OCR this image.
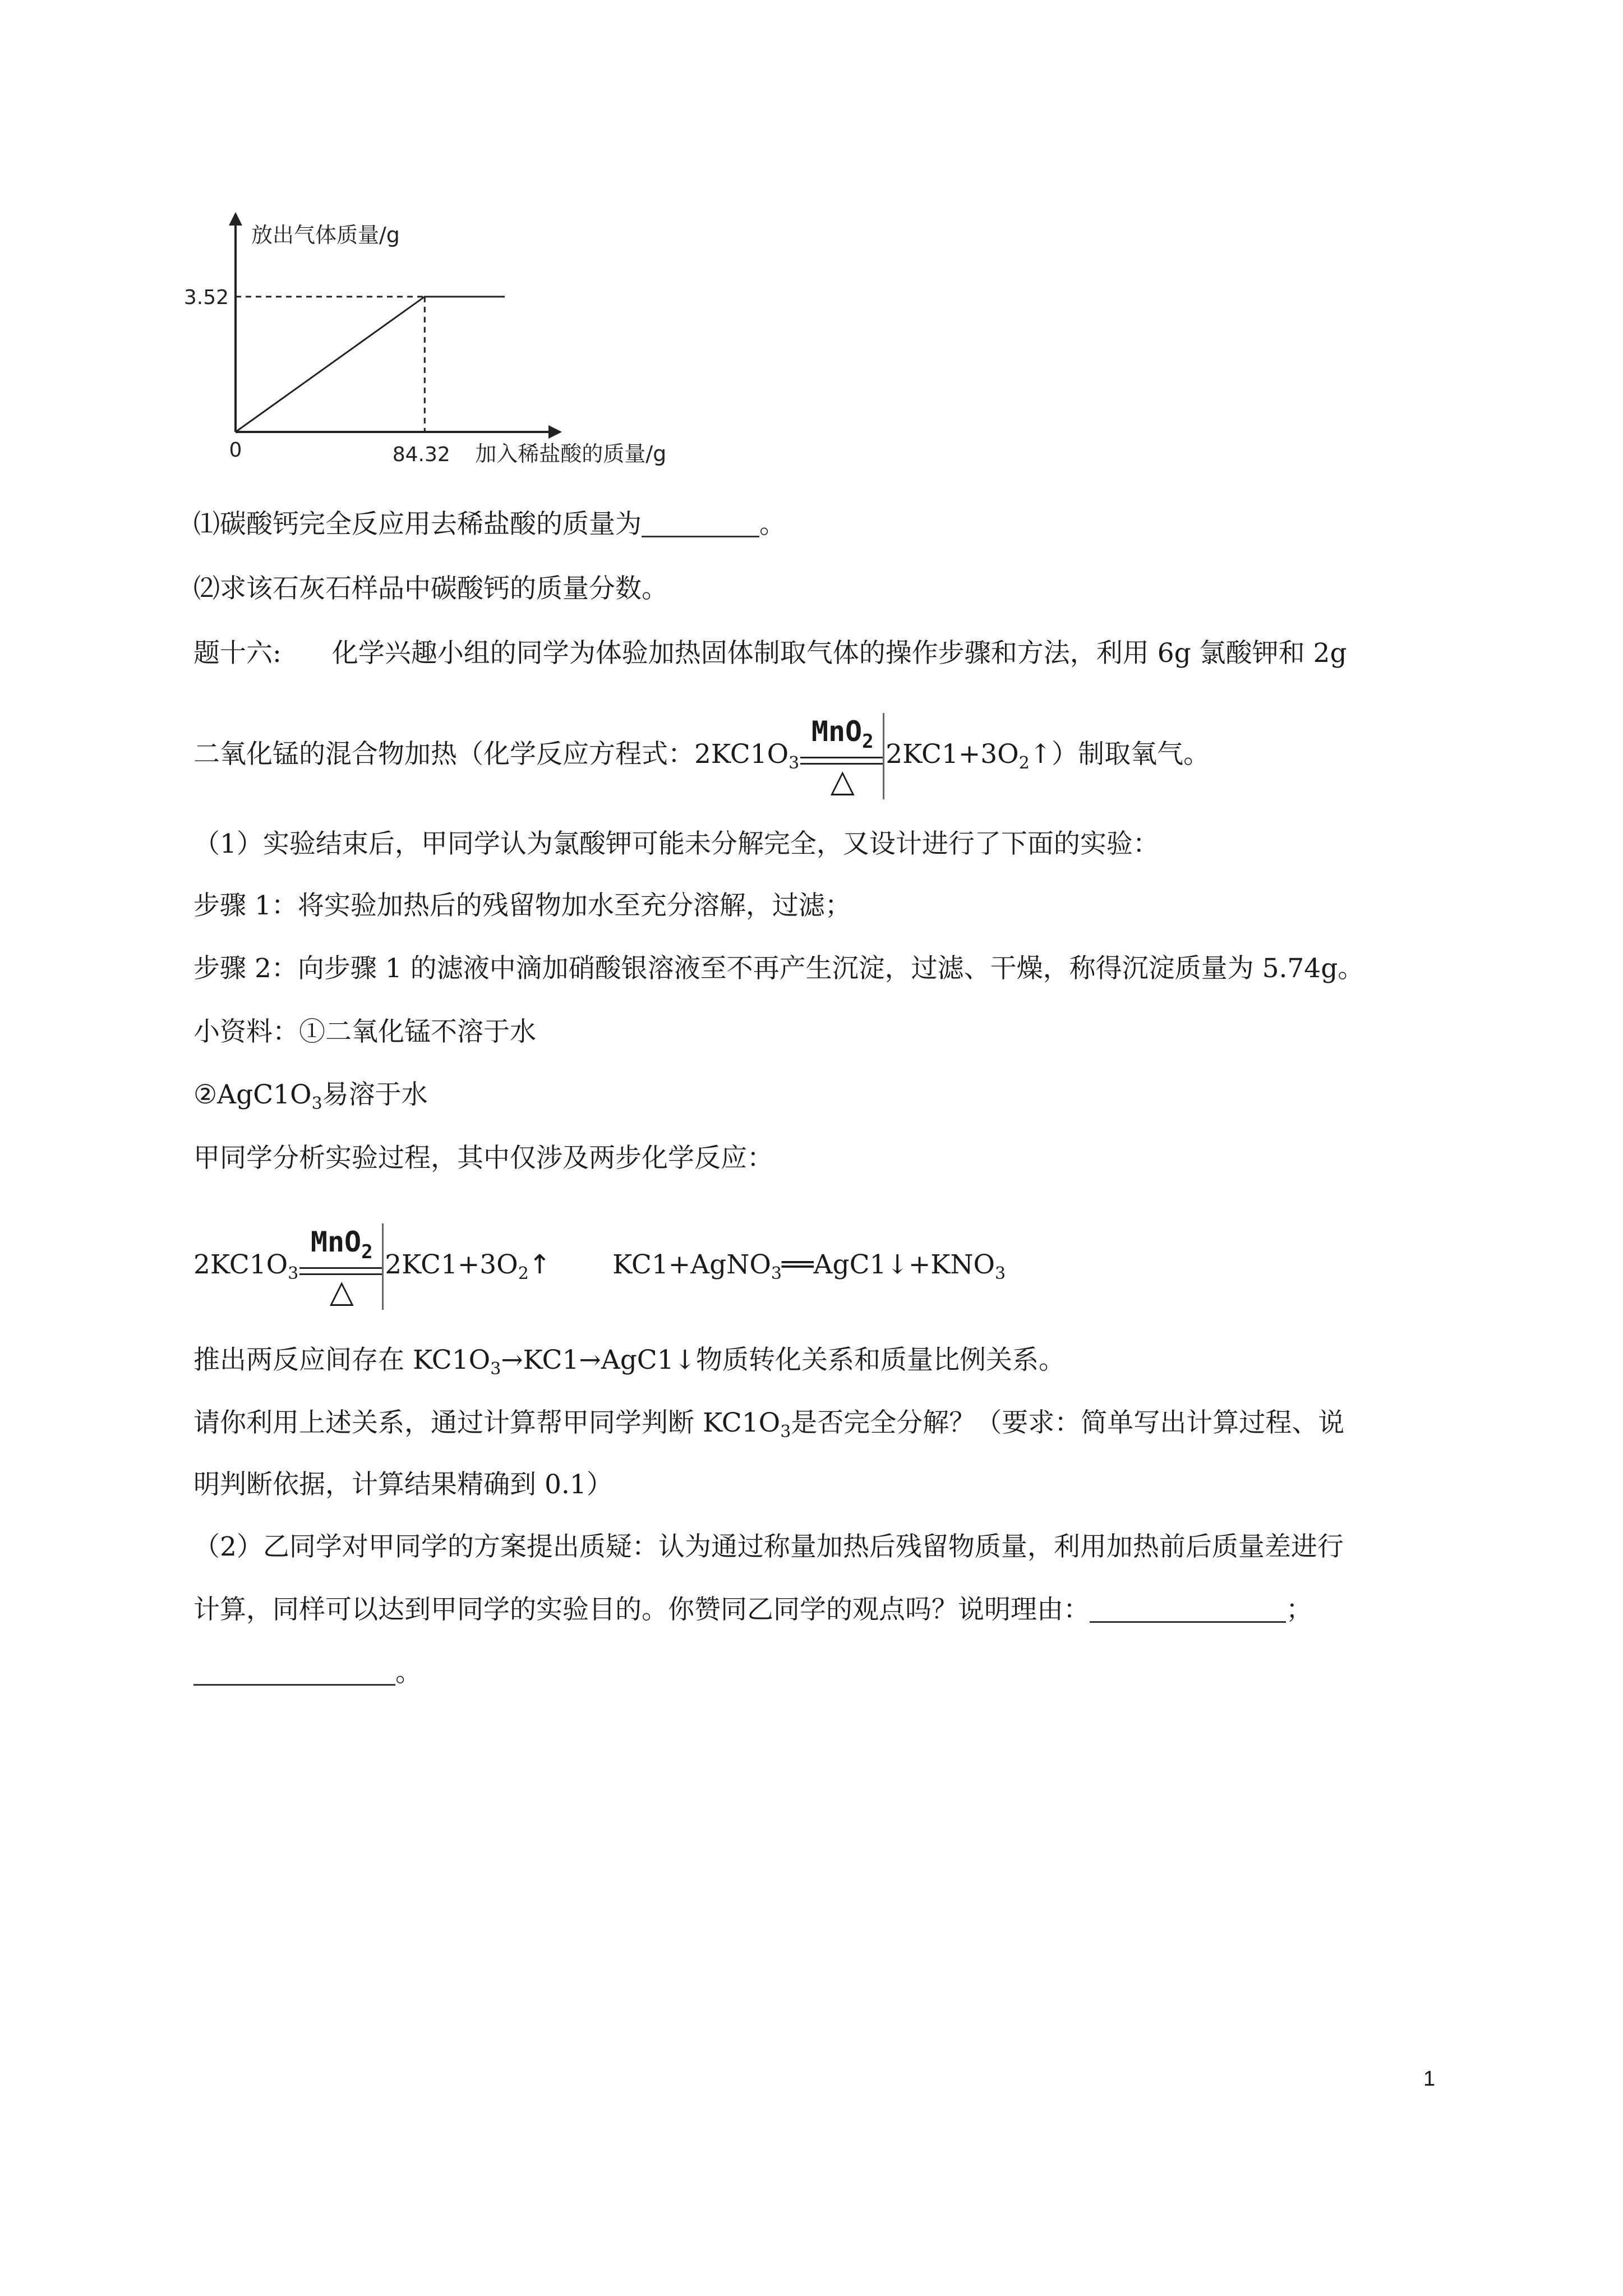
放出气体质量/g
加入稀盐酸的质量/g
3.52
84.32
0
⑴碳酸钙完全反应用去稀盐酸的质量为	。
⑵求该石灰石样品中碳酸钙的质量分数。
题十六: 化学兴趣小组的同学为体验加热固体制取气体的操作步骤和方法，利用 6g 氯酸钾和 2g
二氧化锰的混合物加热（化学反应方程式：$2KC1O_3$
MnO$_2$
△
$2KC1+3O_2↑$）制取氧气。
（1）实验结束后，甲同学认为氯酸钾可能未分解完全，又设计进行了下面的实验：
步骤 1：将实验加热后的残留物加水至充分溶解，过滤；
步骤 2：向步骤 1 的滤液中滴加硝酸银溶液至不再产生沉淀，过滤、干燥，称得沉淀质量为 5.74g。
小资料：①二氧化锰不溶于水
$②AgC1O_3$易溶于水
甲同学分析实验过程，其中仅涉及两步化学反应：
$2KC1O_3$
MnO$_2$
△
$2KC1+3O_2↑$ $KC1+AgNO_3══AgC1↓+KNO_3$
推出两反应间存在 $KC1O_3\to KC1\to AgC1↓$物质转化关系和质量比例关系。
请你利用上述关系，通过计算帮甲同学判断 $KC1O_3$是否完全分解？（要求：简单写出计算过程、说
明判断依据，计算结果精确到 0.1）
（2）乙同学对甲同学的方案提出质疑：认为通过称量加热后残留物质量，利用加热前后质量差进行
计算，同样可以达到甲同学的实验目的。你赞同乙同学的观点吗？说明理由：	；
。
1
